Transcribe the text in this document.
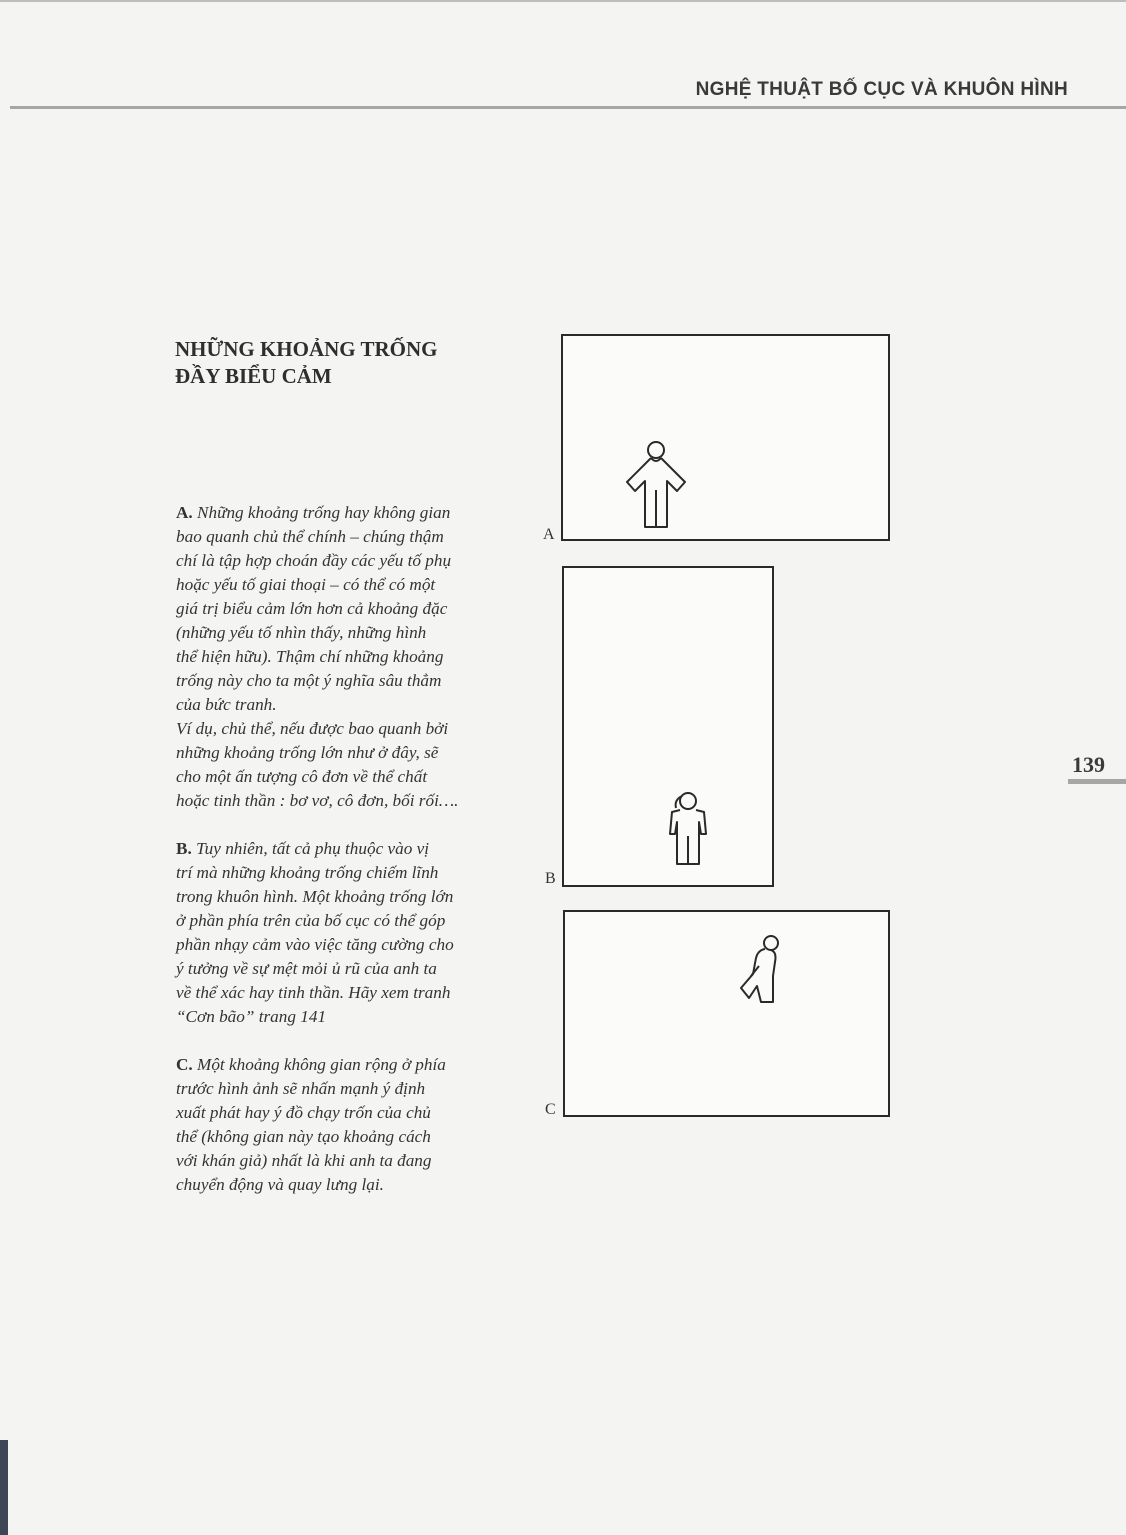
NGHỆ THUẬT BỐ CỤC VÀ KHUÔN HÌNH
139
NHỮNG KHOẢNG TRỐNG
ĐẦY BIỂU CẢM

A. Những khoảng trống hay không gian

bao quanh chủ thể chính – chúng thậm

chí là tập hợp choán đầy các yếu tố phụ

hoặc yếu tố giai thoại – có thể có một

giá trị biểu cảm lớn hơn cả khoảng đặc

(những yếu tố nhìn thấy, những hình

thể hiện hữu). Thậm chí những khoảng

trống này cho ta một ý nghĩa sâu thẳm

của bức tranh.

Ví dụ, chủ thể, nếu được bao quanh bởi

những khoảng trống lớn như ở đây, sẽ

cho một ấn tượng cô đơn về thể chất

hoặc tinh thần : bơ vơ, cô đơn, bối rối….

B. Tuy nhiên, tất cả phụ thuộc vào vị

trí mà những khoảng trống chiếm lĩnh

trong khuôn hình. Một khoảng trống lớn

ở phần phía trên của bố cục có thể góp

phần nhạy cảm vào việc tăng cường cho

ý tưởng về sự mệt mỏi ủ rũ của anh ta

về thể xác hay tinh thần. Hãy xem tranh

“Cơn bão” trang 141

C. Một khoảng không gian rộng ở phía

trước hình ảnh sẽ nhấn mạnh ý định

xuất phát hay ý đồ chạy trốn của chủ

thể (không gian này tạo khoảng cách

với khán giả) nhất là khi anh ta đang

chuyển động và quay lưng lại.

A
B
C
